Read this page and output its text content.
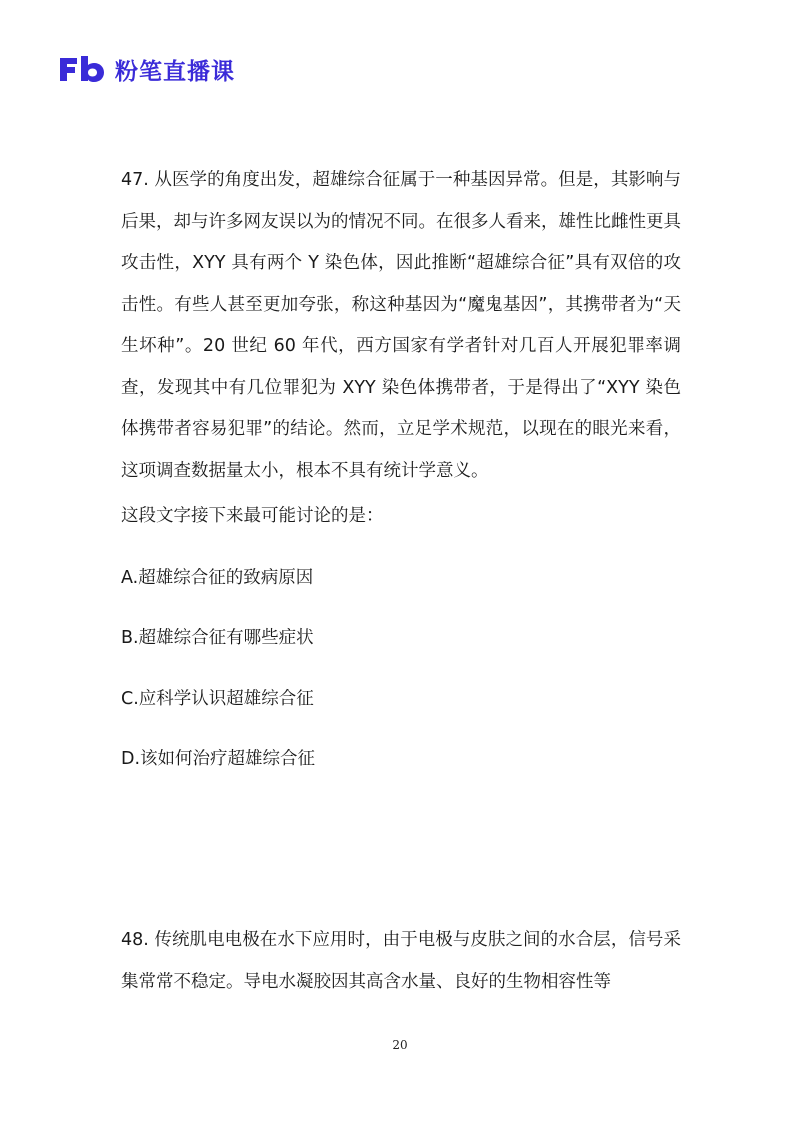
粉笔直播课

47. 从医学的角度出发，超雄综合征属于一种基因异常。但是，其影响与后果，却与许多网友误以为的情况不同。在很多人看来，雄性比雌性更具攻击性，XYY 具有两个 Y 染色体，因此推断“超雄综合征”具有双倍的攻击性。有些人甚至更加夸张，称这种基因为“魔鬼基因”，其携带者为“天生坏种”。20 世纪 60 年代，西方国家有学者针对几百人开展犯罪率调查，发现其中有几位罪犯为 XYY 染色体携带者，于是得出了“XYY 染色体携带者容易犯罪”的结论。然而，立足学术规范，以现在的眼光来看，这项调查数据量太小，根本不具有统计学意义。

这段文字接下来最可能讨论的是：

A.超雄综合征的致病原因

B.超雄综合征有哪些症状

C.应科学认识超雄综合征

D.该如何治疗超雄综合征

48. 传统肌电电极在水下应用时，由于电极与皮肤之间的水合层，信号采集常常不稳定。导电水凝胶因其高含水量、良好的生物相容性等

20
